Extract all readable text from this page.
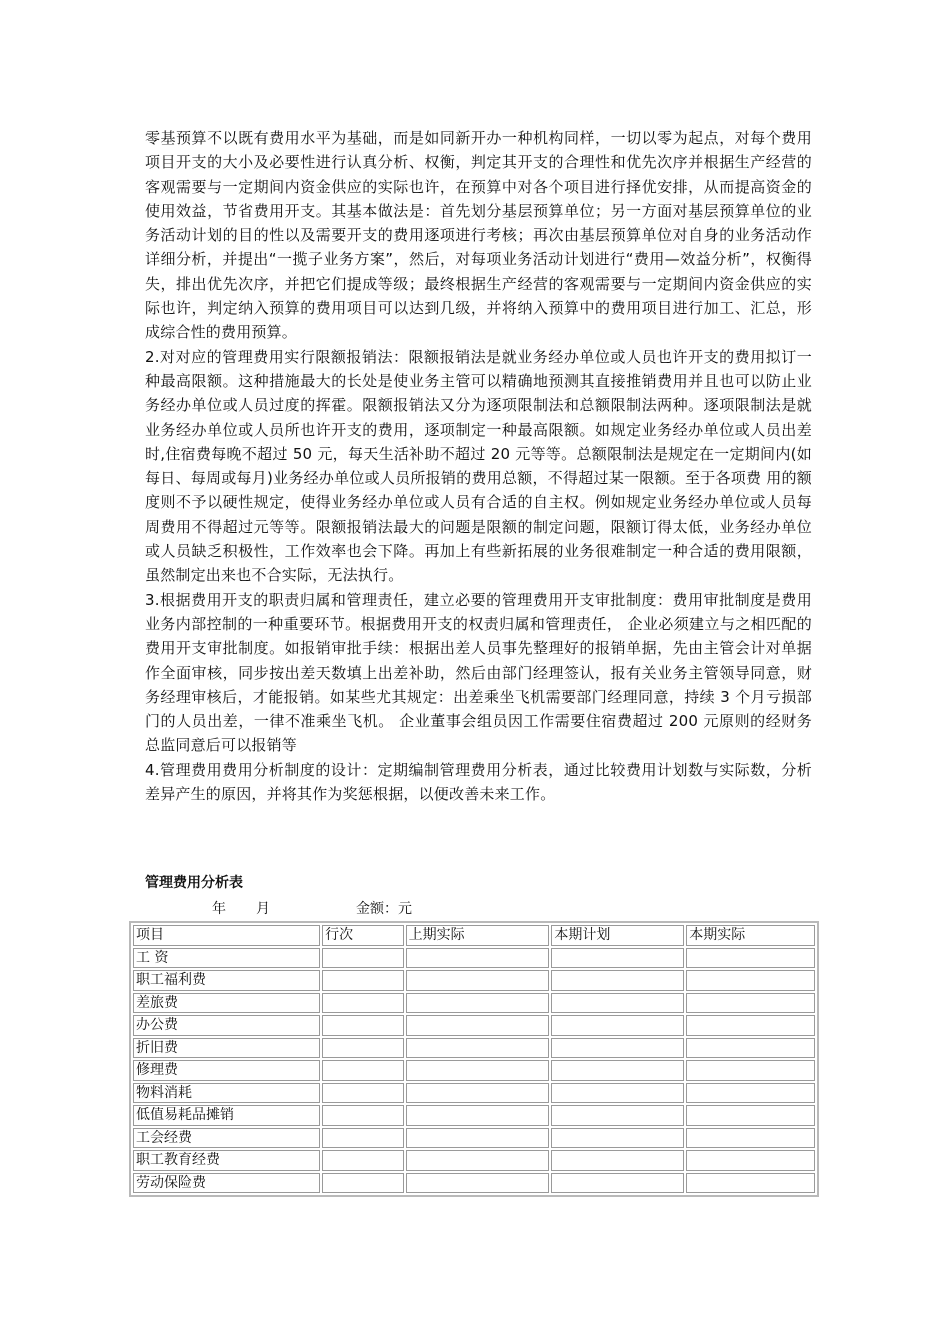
零基预算不以既有费用水平为基础，而是如同新开办一种机构同样，一切以零为起点，对每个费用项目开支的大小及必要性进行认真分析、权衡，判定其开支的合理性和优先次序并根据生产经营的客观需要与一定期间内资金供应的实际也许，在预算中对各个项目进行择优安排，从而提高资金的使用效益，节省费用开支。其基本做法是：首先划分基层预算单位；另一方面对基层预算单位的业务活动计划的目的性以及需要开支的费用逐项进行考核；再次由基层预算单位对自身的业务活动作详细分析，并提出“一揽子业务方案”，然后，对每项业务活动计划进行“费用—效益分析”，权衡得失，排出优先次序，并把它们提成等级；最终根据生产经营的客观需要与一定期间内资金供应的实际也许，判定纳入预算的费用项目可以达到几级，并将纳入预算中的费用项目进行加工、汇总，形成综合性的费用预算。

2.对对应的管理费用实行限额报销法：限额报销法是就业务经办单位或人员也许开支的费用拟订一种最高限额。这种措施最大的长处是使业务主管可以精确地预测其直接推销费用并且也可以防止业务经办单位或人员过度的挥霍。限额报销法又分为逐项限制法和总额限制法两种。逐项限制法是就业务经办单位或人员所也许开支的费用，逐项制定一种最高限额。如规定业务经办单位或人员出差时,住宿费每晚不超过 50 元，每天生活补助不超过 20 元等等。总额限制法是规定在一定期间内(如每日、每周或每月)业务经办单位或人员所报销的费用总额，不得超过某一限额。至于各项费 用的额度则不予以硬性规定，使得业务经办单位或人员有合适的自主权。例如规定业务经办单位或人员每周费用不得超过元等等。限额报销法最大的问题是限额的制定问题，限额订得太低，业务经办单位或人员缺乏积极性，工作效率也会下降。再加上有些新拓展的业务很难制定一种合适的费用限额，虽然制定出来也不合实际，无法执行。

3.根据费用开支的职责归属和管理责任，建立必要的管理费用开支审批制度：费用审批制度是费用业务内部控制的一种重要环节。根据费用开支的权责归属和管理责任， 企业必须建立与之相匹配的费用开支审批制度。如报销审批手续：根据出差人员事先整理好的报销单据，先由主管会计对单据作全面审核，同步按出差天数填上出差补助，然后由部门经理签认，报有关业务主管领导同意，财务经理审核后，才能报销。如某些尤其规定：出差乘坐飞机需要部门经理同意，持续 3 个月亏损部门的人员出差，一律不准乘坐飞机。 企业董事会组员因工作需要住宿费超过 200 元原则的经财务总监同意后可以报销等

4.管理费用费用分析制度的设计：定期编制管理费用分析表，通过比较费用计划数与实际数，分析差异产生的原因，并将其作为奖惩根据，以便改善未来工作。

管理费用分析表
年 月	金额：元
项目	行次	上期实际	本期计划	本期实际
工 资				
职工福利费				
差旅费				
办公费				
折旧费				
修理费				
物料消耗				
低值易耗品摊销				
工会经费				
职工教育经费				
劳动保险费				
